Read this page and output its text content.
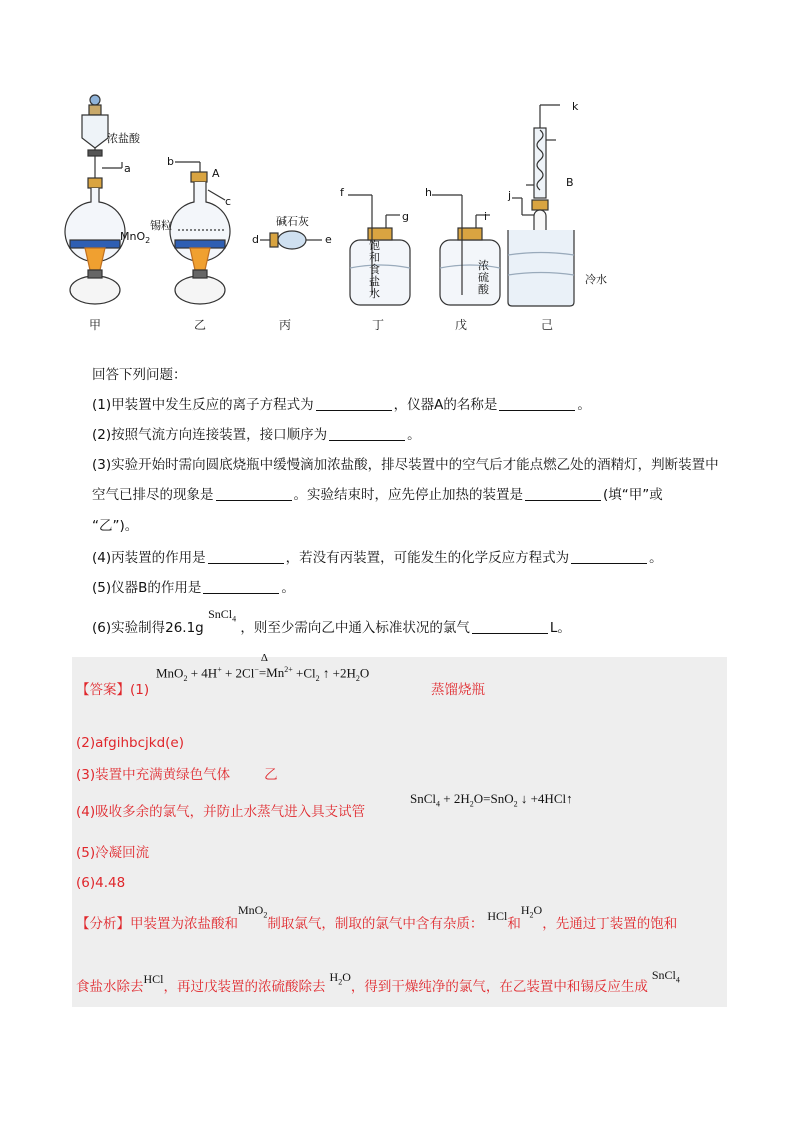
浓盐酸
a
MnO$_2$
b
A
c
锡粒	碱石灰
d	e
f
g
饱和食盐水
h
i
浓硫酸
k
B
j
冷水
甲	乙	丙	丁	戊	己
回答下列问题：
(1)甲装置中发生反应的离子方程式为	，仪器A的名称是	。
(2)按照气流方向连接装置，接口顺序为	。
(3)实验开始时需向圆底烧瓶中缓慢滴加浓盐酸，排尽装置中的空气后才能点燃乙处的酒精灯，判断装置中
空气已排尽的现象是	。实验结束时，应先停止加热的装置是	(填“甲”或
“乙”)。
(4)丙装置的作用是	，若没有丙装置，可能发生的化学反应方程式为	。
(5)仪器B的作用是	。
(6)实验制得26.1g SnCl$_4$ ，则至少需向乙中通入标准状况的氯气	L。
【答案】(1)
MnO$_2$ + 4H+ + 2Cl−
Δ
$=Mn^{2+} +Cl_2$ ↑ $+2H_2O$
蒸馏烧瓶
(2)afgihbcjkd(e)
(3)装置中充满黄绿色气体	乙
(4)吸收多余的氯气，并防止水蒸气进入具支试管
SnCl$_4$ + $2H_2O=SnO_2$ ↓ +4HCl↑
(5)冷凝回流
(6)4.48
【分析】甲装置为浓盐酸和MnO$_2$制取氯气，制取的氯气中含有杂质： HCl和$H_2O$，先通过丁装置的饱和
食盐水除去HCl，再过戊装置的浓硫酸除去$H_2O$，得到干燥纯净的氯气，在乙装置中和锡反应生成SnCl$_4$
